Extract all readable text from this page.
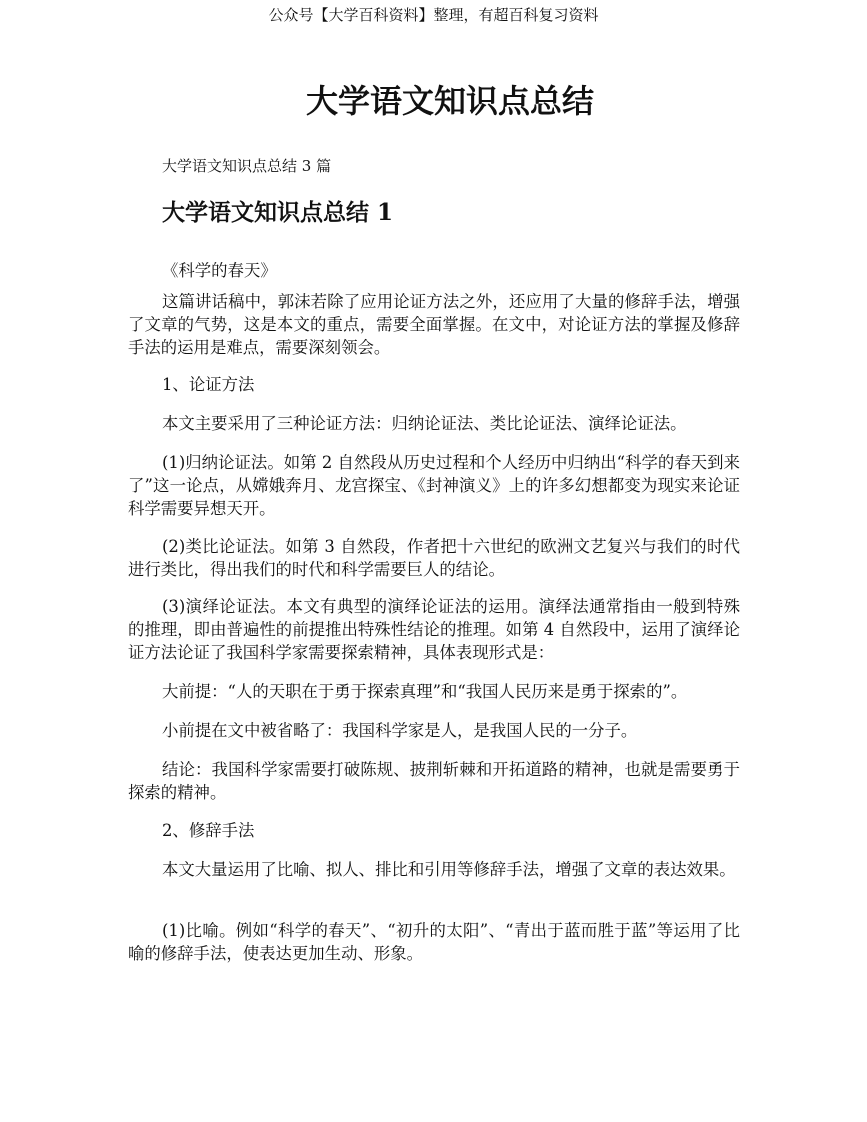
公众号【大学百科资料】整理，有超百科复习资料
大学语文知识点总结
大学语文知识点总结 3 篇
大学语文知识点总结 1
《科学的春天》
这篇讲话稿中，郭沫若除了应用论证方法之外，还应用了大量的修辞手法，增强了文章的气势，这是本文的重点，需要全面掌握。在文中，对论证方法的掌握及修辞手法的运用是难点，需要深刻领会。
1、论证方法
本文主要采用了三种论证方法：归纳论证法、类比论证法、演绎论证法。
(1)归纳论证法。如第 2 自然段从历史过程和个人经历中归纳出“科学的春天到来了”这一论点，从嫦娥奔月、龙宫探宝、《封神演义》上的许多幻想都变为现实来论证科学需要异想天开。
(2)类比论证法。如第 3 自然段，作者把十六世纪的欧洲文艺复兴与我们的时代进行类比，得出我们的时代和科学需要巨人的结论。
(3)演绎论证法。本文有典型的演绎论证法的运用。演绎法通常指由一般到特殊的推理，即由普遍性的前提推出特殊性结论的推理。如第 4 自然段中，运用了演绎论证方法论证了我国科学家需要探索精神，具体表现形式是：
大前提：“人的天职在于勇于探索真理”和“我国人民历来是勇于探索的”。
小前提在文中被省略了：我国科学家是人，是我国人民的一分子。
结论：我国科学家需要打破陈规、披荆斩棘和开拓道路的精神，也就是需要勇于探索的精神。
2、修辞手法
本文大量运用了比喻、拟人、排比和引用等修辞手法，增强了文章的表达效果。
(1)比喻。例如“科学的春天”、“初升的太阳”、“青出于蓝而胜于蓝”等运用了比喻的修辞手法，使表达更加生动、形象。
